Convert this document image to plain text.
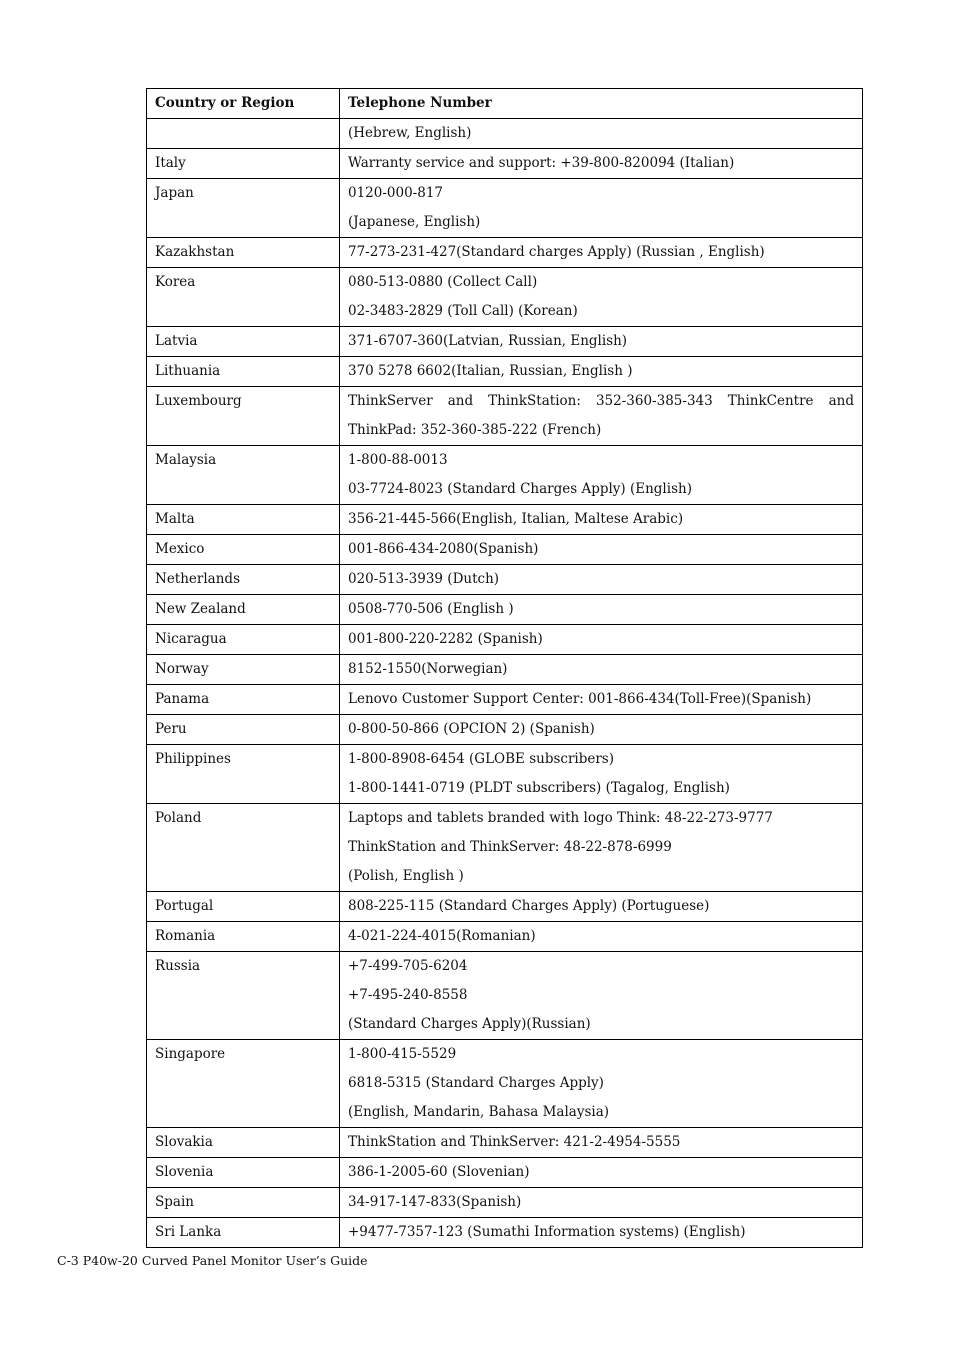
Country or Region	Telephone Number

	(Hebrew, English)

Italy	Warranty service and support: +39-800-820094 (Italian)

Japan	0120-000-817
(Japanese, English)

Kazakhstan	77-273-231-427(Standard charges Apply) (Russian , English)

Korea	080-513-0880 (Collect Call)
02-3483-2829 (Toll Call) (Korean)

Latvia	371-6707-360(Latvian, Russian, English)

Lithuania	370 5278 6602(Italian, Russian, English )

Luxembourg	ThinkServer and ThinkStation: 352-360-385-343 ThinkCentre and
ThinkPad: 352-360-385-222 (French)

Malaysia	1-800-88-0013
03-7724-8023 (Standard Charges Apply) (English)

Malta	356-21-445-566(English, Italian, Maltese Arabic)

Mexico	001-866-434-2080(Spanish)

Netherlands	020-513-3939 (Dutch)

New Zealand	0508-770-506 (English )

Nicaragua	001-800-220-2282 (Spanish)

Norway	8152-1550(Norwegian)

Panama	Lenovo Customer Support Center: 001-866-434(Toll-Free)(Spanish)

Peru	0-800-50-866 (OPCION 2) (Spanish)

Philippines	1-800-8908-6454 (GLOBE subscribers)
1-800-1441-0719 (PLDT subscribers) (Tagalog, English)

Poland	Laptops and tablets branded with logo Think: 48-22-273-9777
ThinkStation and ThinkServer: 48-22-878-6999
(Polish, English )

Portugal	808-225-115 (Standard Charges Apply) (Portuguese)

Romania	4-021-224-4015(Romanian)

Russia	+7-499-705-6204
+7-495-240-8558
(Standard Charges Apply)(Russian)

Singapore	1-800-415-5529
6818-5315 (Standard Charges Apply)
(English, Mandarin, Bahasa Malaysia)

Slovakia	ThinkStation and ThinkServer: 421-2-4954-5555

Slovenia	386-1-2005-60 (Slovenian)

Spain	34-917-147-833(Spanish)

Sri Lanka	+9477-7357-123 (Sumathi Information systems) (English)
C-3 P40w-20 Curved Panel Monitor User’s Guide
